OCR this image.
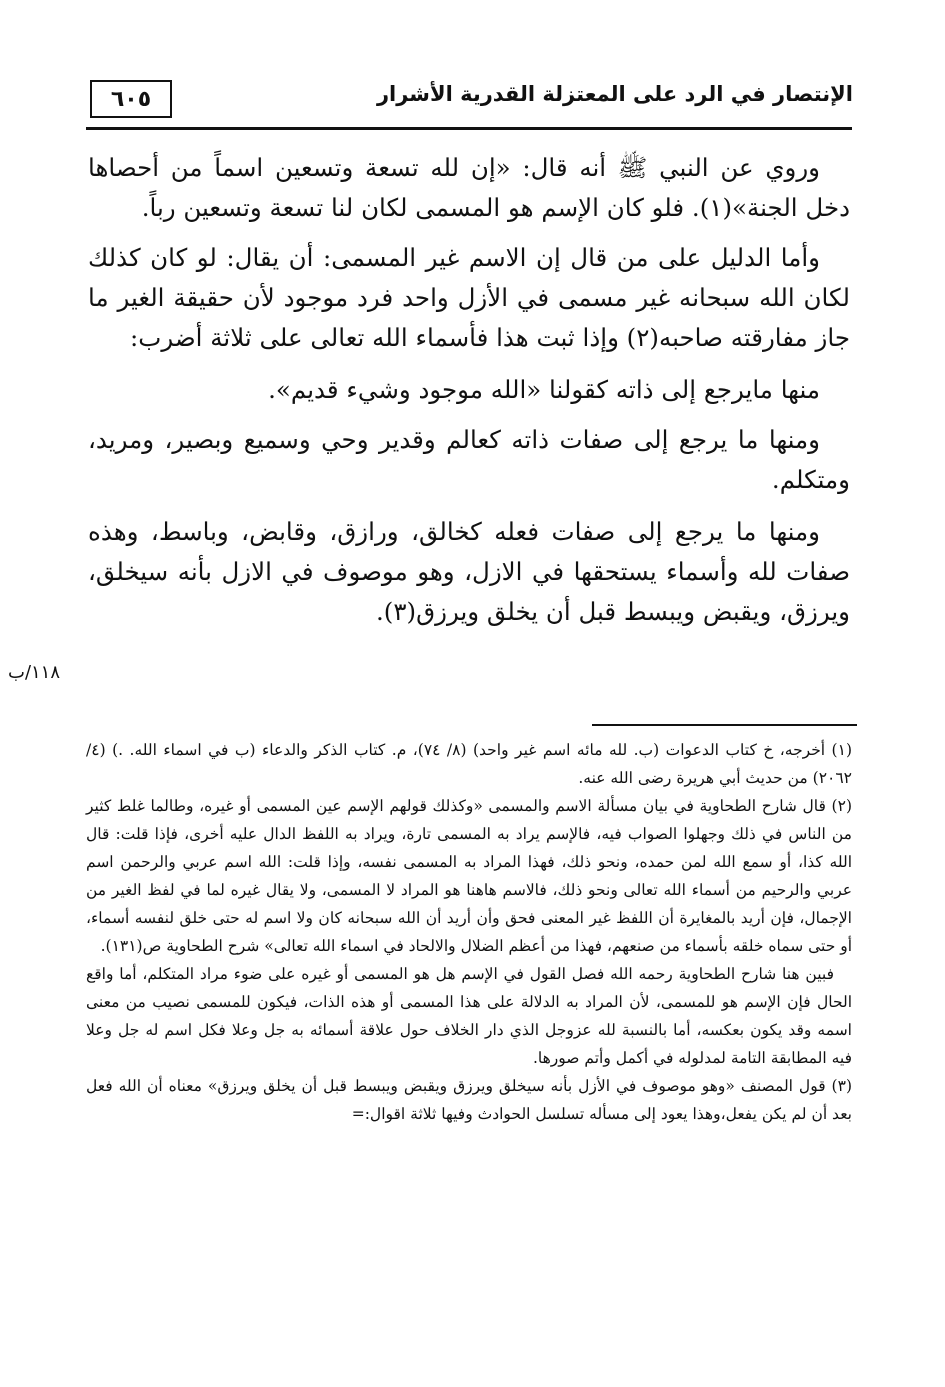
الإنتصار في الرد على المعتزلة القدرية الأشرار
٦٠٥

وروي عن النبي ﷺ أنه قال: «إن لله تسعة وتسعين اسماً من أحصاها دخل الجنة»(١). فلو كان الإسم هو المسمى لكان لنا تسعة وتسعين رباً.

وأما الدليل على من قال إن الاسم غير المسمى: أن يقال: لو كان كذلك لكان الله سبحانه غير مسمى في الأزل واحد فرد موجود لأن حقيقة الغير ما جاز مفارقته صاحبه(٢) وإذا ثبت هذا فأسماء الله تعالى على ثلاثة أضرب:

منها مايرجع إلى ذاته كقولنا «الله موجود وشيء قديم».

ومنها ما يرجع إلى صفات ذاته كعالم وقدير وحي وسميع وبصير، ومريد، ومتكلم.

ومنها ما يرجع إلى صفات فعله كخالق، ورازق، وقابض، وباسط، وهذه صفات لله وأسماء يستحقها في الازل، وهو موصوف في الازل بأنه سيخلق، ويرزق، ويقبض ويبسط قبل أن يخلق ويرزق(٣).

١١٨/ب

(١) أخرجه، خ كتاب الدعوات (ب. لله مائه اسم غير واحد) (٨/ ٧٤)، م. كتاب الذكر والدعاء (ب في اسماء الله. .) (٤/ ٢٠٦٢) من حديث أبي هريرة رضى الله عنه.

(٢) قال شارح الطحاوية في بيان مسألة الاسم والمسمى «وكذلك قولهم الإسم عين المسمى أو غيره، وطالما غلط كثير من الناس في ذلك وجهلوا الصواب فيه، فالإسم يراد به المسمى تارة، ويراد به اللفظ الدال عليه أخرى، فإذا قلت: قال الله كذا، أو سمع الله لمن حمده، ونحو ذلك، فهذا المراد به المسمى نفسه، وإذا قلت: الله اسم عربي والرحمن اسم عربي والرحيم من أسماء الله تعالى ونحو ذلك، فالاسم هاهنا هو المراد لا المسمى، ولا يقال غيره لما في لفظ الغير من الإجمال، فإن أريد بالمغايرة أن اللفظ غير المعنى فحق وأن أريد أن الله سبحانه كان ولا اسم له حتى خلق لنفسه أسماء، أو حتى سماه خلقه بأسماء من صنعهم، فهذا من أعظم الضلال والالحاد في اسماء الله تعالى» شرح الطحاوية ص(١٣١).

فبين هنا شارح الطحاوية رحمه الله فصل القول في الإسم هل هو المسمى أو غيره على ضوء مراد المتكلم، أما واقع الحال فإن الإسم هو للمسمى، لأن المراد به الدلالة على هذا المسمى أو هذه الذات، فيكون للمسمى نصيب من معنى اسمه وقد يكون بعكسه، أما بالنسبة لله عزوجل الذي دار الخلاف حول علاقة أسمائه به جل وعلا فكل اسم له جل وعلا فيه المطابقة التامة لمدلوله في أكمل وأتم صورها.

(٣) قول المصنف «وهو موصوف في الأزل بأنه سيخلق ويرزق ويقبض ويبسط قبل أن يخلق ويرزق» معناه أن الله فعل بعد أن لم يكن يفعل،وهذا يعود إلى مسأله تسلسل الحوادث وفيها ثلاثة اقوال:=
